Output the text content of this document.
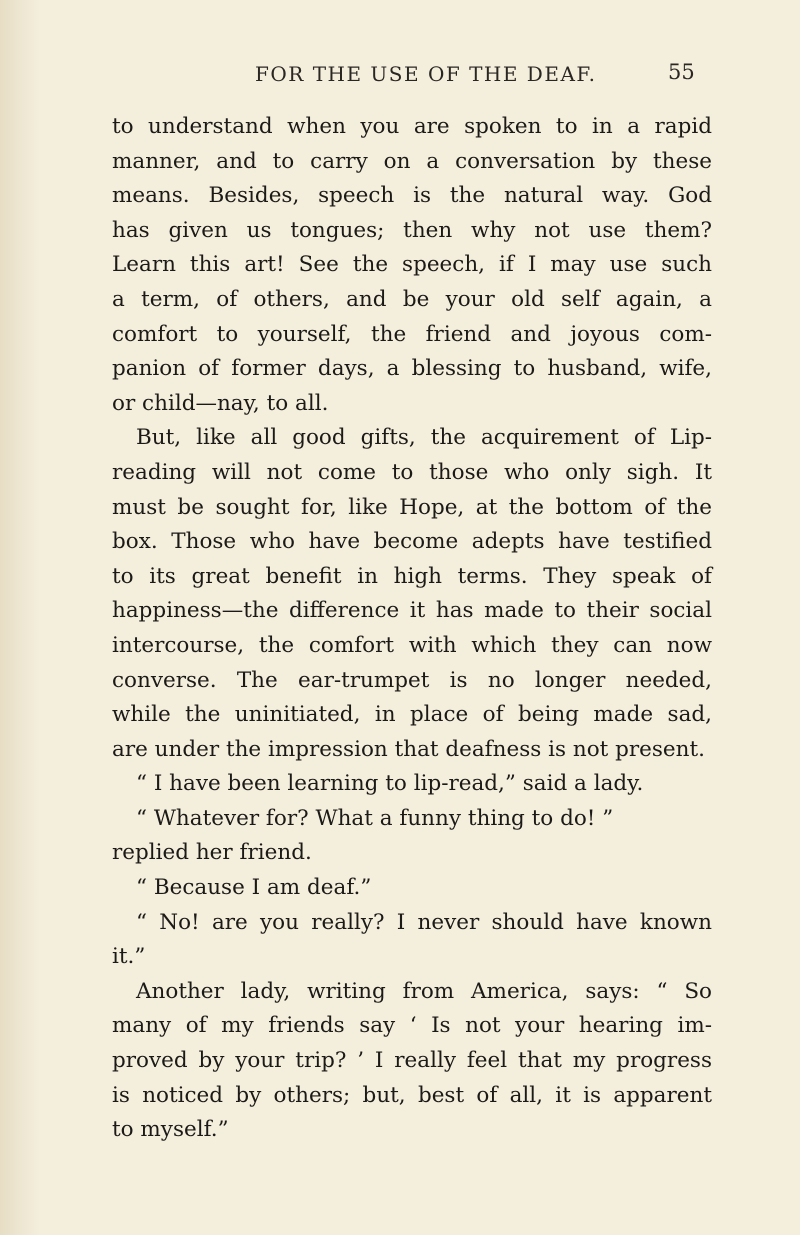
FOR THE USE OF THE DEAF.	55
to understand when you are spoken to in a rapid
manner, and to carry on a conversation by these
means. Besides, speech is the natural way. God
has given us tongues; then why not use them?
Learn this art! See the speech, if I may use such
a term, of others, and be your old self again, a
comfort to yourself, the friend and joyous com-
panion of former days, a blessing to husband, wife,
or child—nay, to all.
But, like all good gifts, the acquirement of Lip-
reading will not come to those who only sigh. It
must be sought for, like Hope, at the bottom of the
box. Those who have become adepts have testified
to its great benefit in high terms. They speak of
happiness—the difference it has made to their social
intercourse, the comfort with which they can now
converse. The ear-trumpet is no longer needed,
while the uninitiated, in place of being made sad,
are under the impression that deafness is not present.
“ I have been learning to lip-read,” said a lady.
“ Whatever for? What a funny thing to do! ”
replied her friend.
“ Because I am deaf.”
“ No! are you really? I never should have known
it.”
Another lady, writing from America, says: “ So
many of my friends say ‘ Is not your hearing im-
proved by your trip? ’ I really feel that my progress
is noticed by others; but, best of all, it is apparent
to myself.”
